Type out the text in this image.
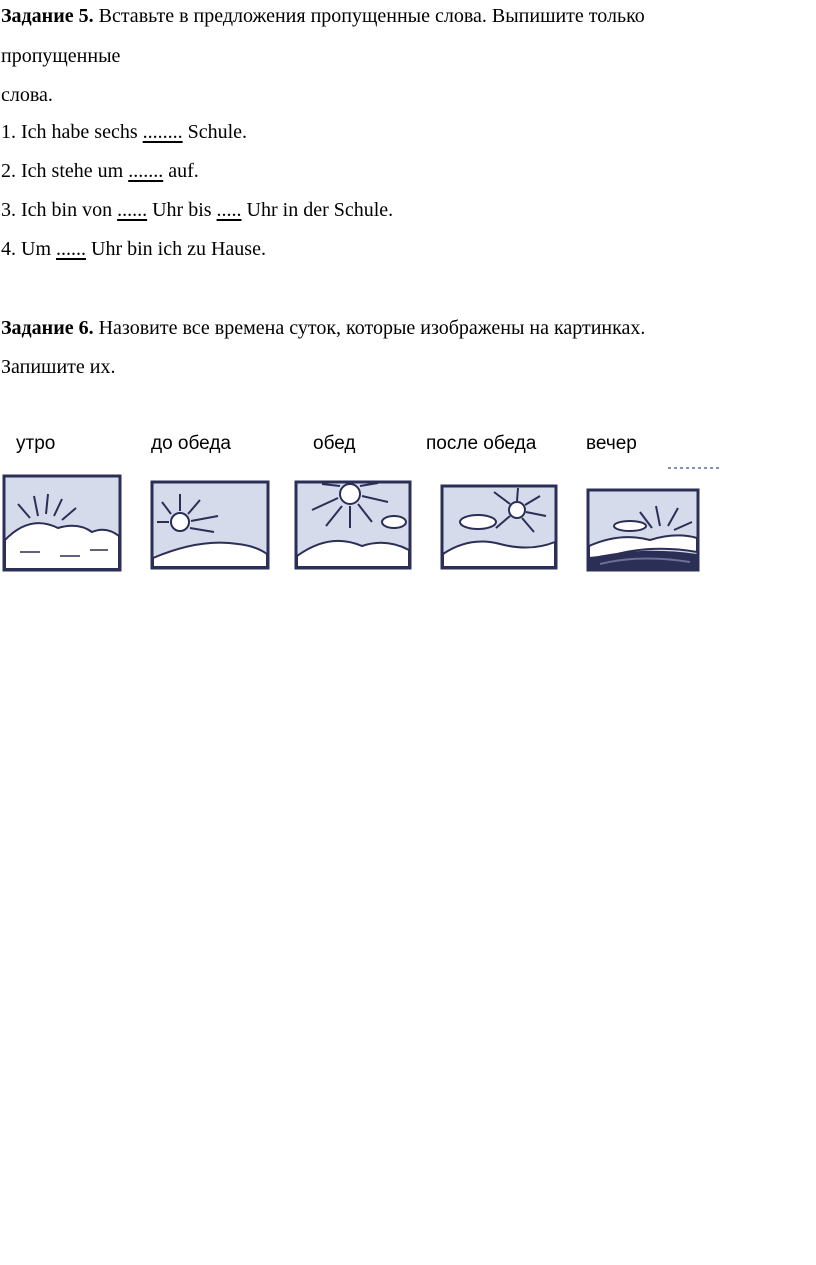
Задание 5. Вставьте в предложения пропущенные слова. Выпишите только
пропущенные
слова.
1. Ich habe sechs ........ Schule.
2. Ich stehe um ....... auf.
3. Ich bin von ...... Uhr bis ..... Uhr in der Schule.
4. Um ...... Uhr bin ich zu Hause.
Задание 6. Назовите все времена суток, которые изображены на картинках.
Запишите их.
утро	до обеда	обед	после обеда	вечер
